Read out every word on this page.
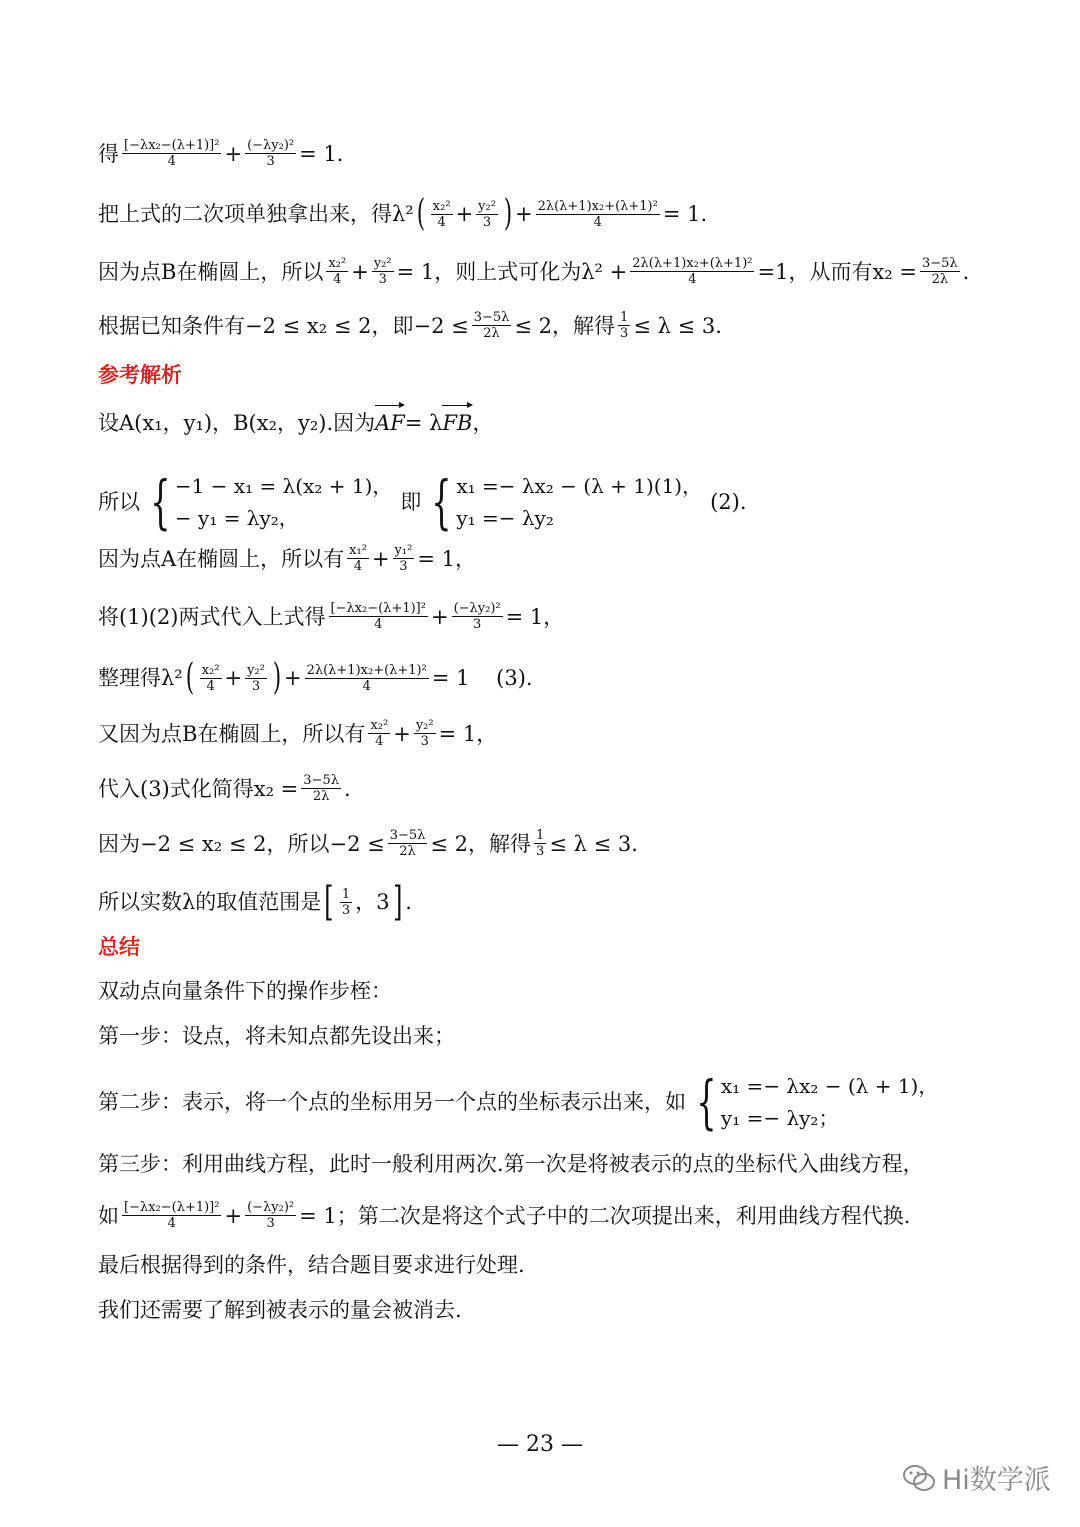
得 $\frac{\text{[−λx₂−(λ+1)]²}}{4} + \frac{\text{(−λy₂)²}}{3} = 1$.
把上式的二次项单独拿出来，得λ² ( $\frac{\text{x₂²}}{4} + \frac{\text{y₂²}}{3}$ ) + $\frac{\text{2λ(λ+1)x₂+(λ+1)²}}{4} = 1$.
因为点B在椭圆上，所以 $\frac{\text{x₂²}}{4} + \frac{\text{y₂²}}{3} = 1$，则上式可化为$\lambda^2 + \frac{\text{2λ(λ+1)x₂+(λ+1)²}}{4} =1$，从而有$x_2 = \frac{3-5\lambda}{2\lambda}$ .
根据已知条件有−2 ≤ x₂ ≤ 2，即$-2 \le \frac{3-5\lambda}{2\lambda} \le 2$，解得 $\frac{1}{3} \le \lambda \le 3$.
参考解析
设A(x₁，y₁)，B(x₂，y₂).因为 AF = λ FB ，
所以 { −1 − x₁ = λ(x₂ + 1)，
− y₁ = λy₂，
即 { x₁ =− λx₂ − (λ + 1)(1)，
y₁ =− λy₂
(2).
因为点A在椭圆上，所以有 $\frac{\text{x₁²}}{4} + \frac{\text{y₁²}}{3} = 1$，
将(1)(2)两式代入上式得 $\frac{\text{[−λx₂−(λ+1)]²}}{4} + \frac{\text{(−λy₂)²}}{3} = 1$，
整理得λ² ( $\frac{\text{x₂²}}{4} + \frac{\text{y₂²}}{3}$ ) + $\frac{\text{2λ(λ+1)x₂+(λ+1)²}}{4} = 1$    (3).
又因为点B在椭圆上，所以有 $\frac{\text{x₂²}}{4} + \frac{\text{y₂²}}{3} = 1$，
代入(3)式化简得$x_2 = \frac{3-5\lambda}{2\lambda}$ .
因为−2 ≤ x₂ ≤ 2，所以$-2 \le \frac{3-5\lambda}{2\lambda} \le 2$，解得 $\frac{1}{3} \le \lambda \le 3$.
所以实数λ的取值范围是 [ $\frac{1}{3}$ ，3 ] .
总结
双动点向量条件下的操作步桎：
第一步：设点，将未知点都先设出来；
第二步：表示，将一个点的坐标用另一个点的坐标表示出来，如 { x₁ =− λx₂ − (λ + 1)，
y₁ =− λy₂；
第三步：利用曲线方程，此时一般利用两次.第一次是将被表示的点的坐标代入曲线方程，
如 $\frac{\text{[−λx₂−(λ+1)]²}}{4} + \frac{\text{(−λy₂)²}}{3} = 1$；第二次是将这个式子中的二次项提出来，利用曲线方程代换.
最后根据得到的条件，结合题目要求进行处理.
我们还需要了解到被表示的量会被消去.
— 23 —
Hi数学派
